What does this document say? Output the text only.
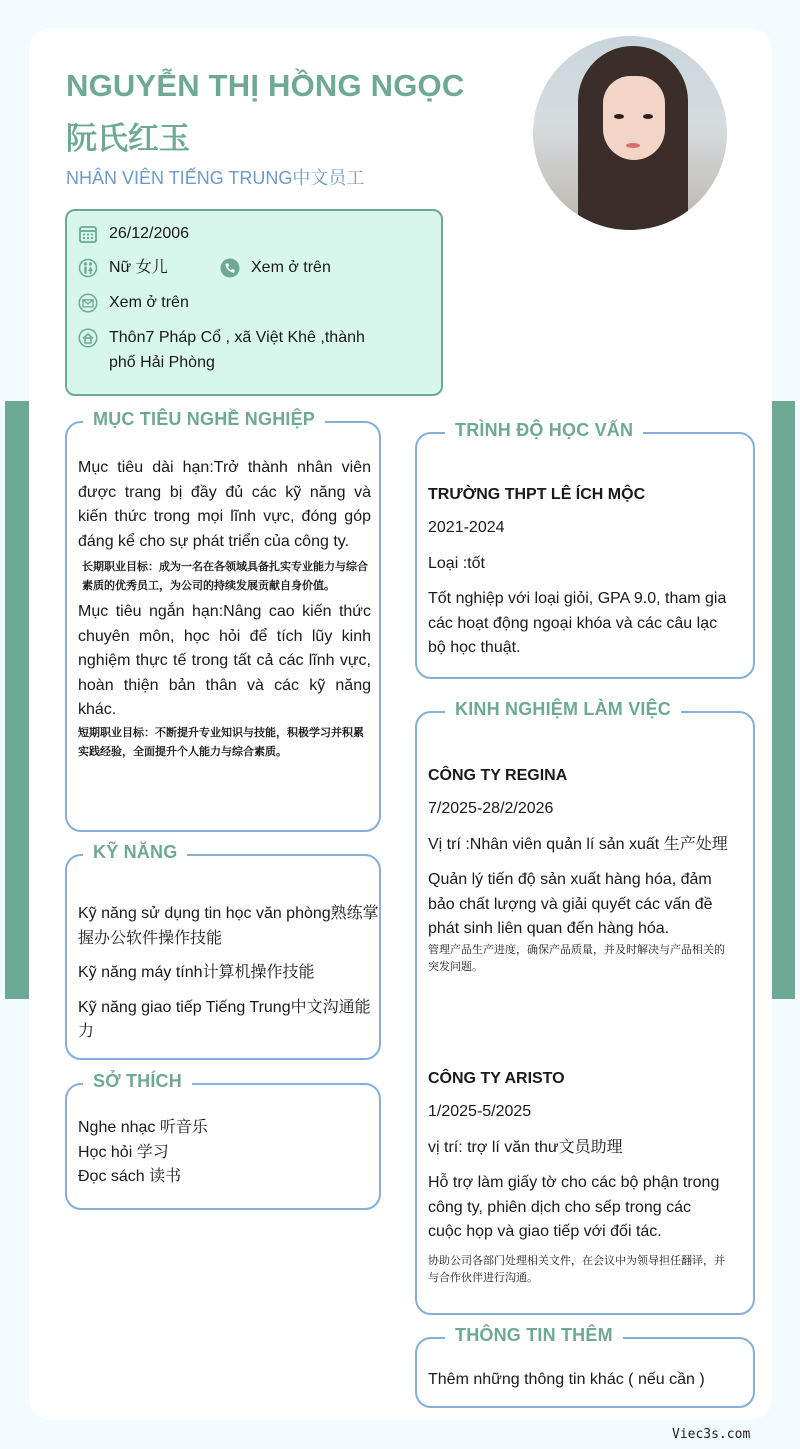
NGUYỄN THỊ HỒNG NGỌC
阮氏红玉
NHÂN VIÊN TIẾNG TRUNG中文员工
26/12/2006
Nữ 女儿	Xem ở trên
Xem ở trên
Thôn7 Pháp Cổ , xã Việt Khê ,thành
phố Hải Phòng
MỤC TIÊU NGHỀ NGHIỆP
Mục tiêu dài hạn:Trở thành nhân viên được trang bị đầy đủ các kỹ năng và kiến thức trong mọi lĩnh vực, đóng góp đáng kể cho sự phát triển của công ty.
长期职业目标：成为一名在各领域具备扎实专业能力与综合素质的优秀员工，为公司的持续发展贡献自身价值。
Mục tiêu ngắn hạn:Nâng cao kiến thức chuyên môn, học hỏi để tích lũy kinh nghiệm thực tế trong tất cả các lĩnh vực, hoàn thiện bản thân và các kỹ năng khác.
短期职业目标：不断提升专业知识与技能，积极学习并积累实践经验，全面提升个人能力与综合素质。
KỸ NĂNG
Kỹ năng sử dụng tin học văn phòng熟练掌握办公软件操作技能
Kỹ năng máy tính计算机操作技能
Kỹ năng giao tiếp Tiếng Trung中文沟通能力
SỞ THÍCH
Nghe nhạc 听音乐
Học hỏi 学习
Đọc sách 读书
TRÌNH ĐỘ HỌC VẤN
TRƯỜNG THPT LÊ ÍCH MỘC
2021-2024
Loại :tốt
Tốt nghiệp với loại giỏi, GPA 9.0, tham gia các hoạt động ngoại khóa và các câu lạc bộ học thuật.
KINH NGHIỆM LÀM VIỆC
CÔNG TY REGINA
7/2025-28/2/2026
Vị trí :Nhân viên quản lí sản xuất 生产处理
Quản lý tiến độ sản xuất hàng hóa, đảm bảo chất lượng và giải quyết các vấn đề phát sinh liên quan đến hàng hóa.
管理产品生产进度，确保产品质量，并及时解决与产品相关的突发问题。
CÔNG TY ARISTO
1/2025-5/2025
vị trí: trợ lí văn thư文员助理
Hỗ trợ làm giấy tờ cho các bộ phận trong công ty, phiên dịch cho sếp trong các cuộc họp và giao tiếp với đối tác.
协助公司各部门处理相关文件，在会议中为领导担任翻译，并与合作伙伴进行沟通。
THÔNG TIN THÊM
Thêm những thông tin khác ( nếu cần )
Viec3s.com
